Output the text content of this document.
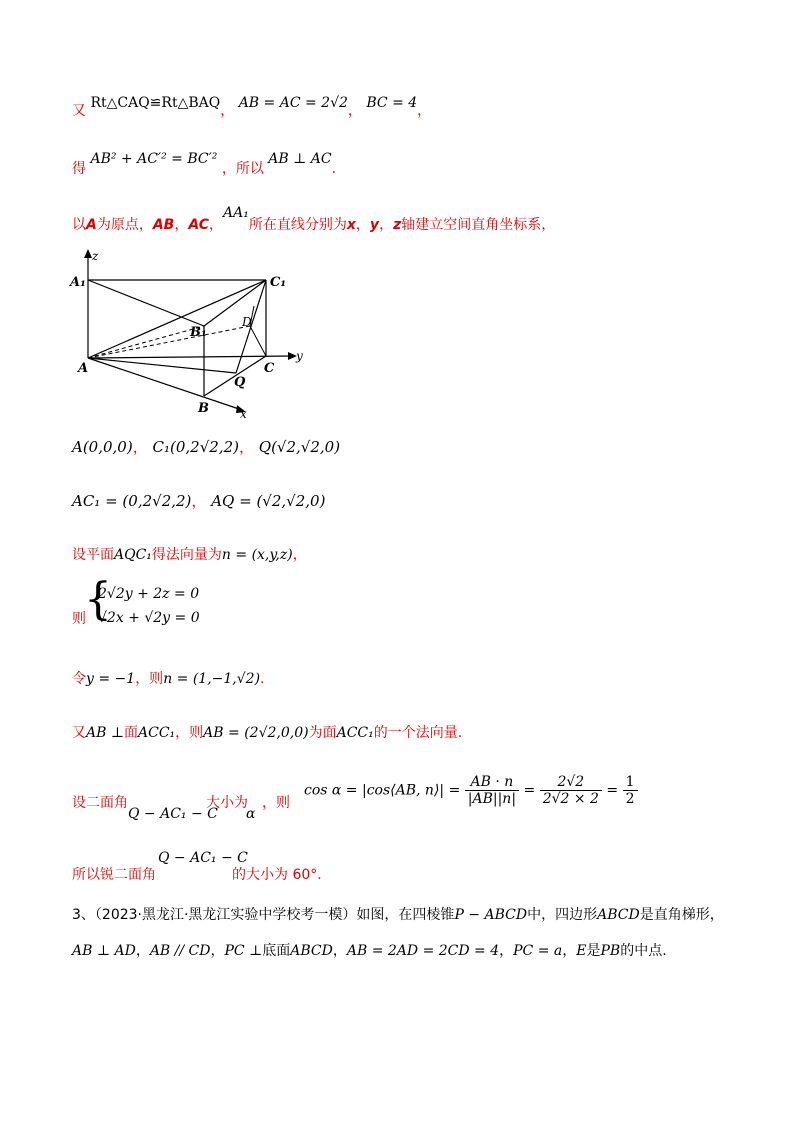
又 Rt△CAQ≌Rt△BAQ， AB = AC = 2√2， BC = 4，
得 AB² + AC′² = BC′² ，所以 AB ⊥ AC.
以A为原点，AB，AC，AA₁所在直线分别为x，y，z轴建立空间直角坐标系，
z
A₁	C₁
B₁
D
A	C
Q
B	x
y
A(0,0,0)， C₁(0,2√2,2)， Q(√2,√2,0)
AC₁ = (0,2√2,2)， AQ = (√2,√2,0)
设平面AQC₁得法向量为n = (x,y,z)，
则
{
2√2y + 2z = 0
√2x + √2y = 0
令y = −1，则n = (1,−1,√2).
又AB ⊥面ACC₁，则AB = (2√2,0,0)为面ACC₁的一个法向量.
设二面角
Q − AC₁ − C
大小为
α
，则
cos α = |cos⟨AB, n⟩| = $\frac{AB \cdot n}{|AB||n|} = \frac{2√2}{2√2 \times 2} = \frac{1}{2}$
所以锐二面角
Q − AC₁ − C
的大小为 60°.
3、（2023·黑龙江·黑龙江实验中学校考一模）如图，在四棱锥P − ABCD中，四边形ABCD是直角梯形，
AB ⊥ AD，AB // CD，PC ⊥底面ABCD，AB = 2AD = 2CD = 4，PC = a，E是PB的中点.
